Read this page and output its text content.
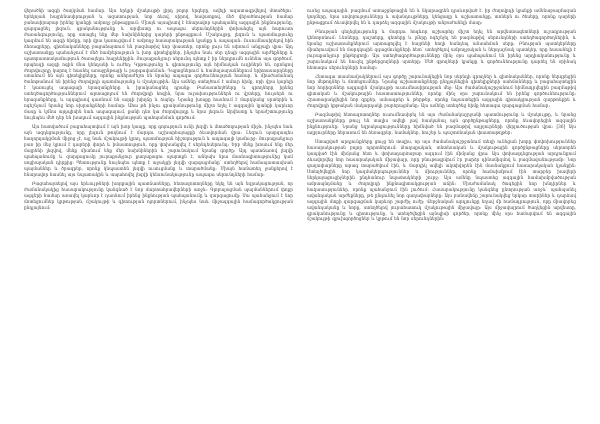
վերածնի ազգի ծաղկման համար. Այս երկրի մշակույթի լիրդ բոլոր երգերը, ավելի ազատագրվելով մտածելու՝ երեկոյան հայրենասիրության և ազատության, նոր ձևով, սիրով, հավատքով, մեծ վերածնության համար ջանասիրաբար իրենց կյանքի ամբողջ ընթացքում: Միայն այսպիսով է հնարավոր պահպանել ազգային ինքնությունը, զարգացնել լեզուն, գրականությունը և արվեստը ու ապագա սերունդներին փոխանցել այն հարուստ ժառանգությունը, որը ստացել ենք մեր նախնիներից դարերի ընթացքում: Մշակույթը, լեզուն և պատմությունը կազմում են ազգի հիմքը, որի վրա կառուցվում է ամբողջ հասարակության կյանքը և ապագան: Ուսումնասիրելով հին ձեռագրերը, գիտնականները բացահայտում են բազմաթիվ նոր փաստեր, որոնք լույս են սփռում անցյալի վրա: Այդ աշխատանքը պահանջում է մեծ համբերություն և խոր գիտելիքներ, ինչպես նաև սեր դեպի ազգային արժեքները և պատրաստակամություն ծառայելու հայրենիքին: Յուրաքանչյուր սերունդ պետք է իր ներդրումն ունենա այս գործում, որպեսզի ազգի ոգին մնա կենդանի և ուժեղ: Կրթությունը և գիտությունը այն հիմնական ուղիներն են, որոնցով ժողովուրդը կարող է հասնել առաջընթացի և բարգավաճման: Դպրոցներում և համալսարաններում երիտասարդները ստանում են այն գիտելիքները, որոնք անհրաժեշտ են նրանց ապագա գործունեության համար, և միաժամանակ ծանոթանում են իրենց ժողովրդի պատմությանը և մշակույթին: Այս ամենը ստեղծում է ամուր հիմք, որի վրա կարելի է կառուցել ապագայի երազանքները և իրականացնել դրանք: Բանաստեղծները և գրողները իրենց ստեղծագործություններում արտացոլում են ժողովրդի հոգին, նրա ուրախություններն ու վշտերը, հույսերն ու երազանքները, և այդպիսով դառնում են ազգի խիղճը և ձայնը: Նրանց խոսքը հասնում է մարդկանց սրտերին և ոգեշնչում նրանց նոր սխրանքների համար: Ահա թե ինչու գրականությունը միշտ եղել է ազգային կյանքի կարևոր մասը և կմնա այդպիսին նաև ապագայում, քանի դեռ կա ժողովուրդը և նրա լեզուն: Արվեստը և երաժշտությունը նույնպես մեծ դեր են խաղում ազգային ինքնության պահպանման գործում:

Այս հատվածում բացահայտվում է այն խոր կապը, որը գոյություն ունի լեզվի և մտածողության միջև, ինչպես նաև այն ազդեցությունը, որը լեզուն թողնում է մարդու աշխարհայացքի ձևավորման վրա: Լեզուն պարզապես հաղորդակցման միջոց չէ, այլ նաև մշակույթի կրող, պատմության հիշողություն և ապագայի կամուրջ: Յուրաքանչյուր բառ իր մեջ կրում է դարերի փորձ և իմաստություն, որը փոխանցվել է սերնդեսերունդ: Երբ մենք խոսում ենք մեր մայրենի լեզվով, մենք միանում ենք մեր նախնիներին և շարունակում նրանց գործը: Այդ պատճառով լեզվի պահպանումը և զարգացումը յուրաքանչյուր քաղաքացու պարտքն է, անկախ նրա մասնագիտությունից կամ սոցիալական դիրքից: Պետությունը նույնպես պետք է աջակցի լեզվի զարգացմանը՝ ստեղծելով համապատասխան պայմաններ և ծրագրեր, որոնք կնպաստեն լեզվի ուսուցմանը և տարածմանը: Միայն համատեղ ջանքերով է հնարավոր հասնել այս նպատակին և ապահովել լեզվի կենսունակությունը ապագա սերունդների համար:

Բացահայտելով այս երևույթների խորքային պատճառները, հետազոտողները եկել են այն եզրակացության, որ ժամանակակից հասարակությունը կանգնած է նոր մարտահրավերների առջև: Գլոբալացման պայմաններում փոքր ազգերի համար առավել կարևոր է դառնում իրենց ինքնության պահպանումը և զարգացումը: Սա պահանջում է նոր մոտեցումներ կրթության, մշակույթի և գիտության ոլորտներում, ինչպես նաև միջազգային համագործակցության ընդլայնում:

ուսեց ապագային. բազմում ատաջընթացին են և նկարագրեն դրսևորված է. իր ժողովրդի կյանքի ամենաբազմազան կողմերը, նրա սովորությունները և ավանդույթները, կենցաղը և աշխատանքը, տոներն ու ծեսերը, որոնք դարերի ընթացքում ձևավորվել են և դարձել ազգային մշակույթի անբաժանելի մասը:

Բնության գեղեցկությունը և մարդու հոգևոր աշխարհը միշտ եղել են արվեստագետների ուշադրության կենտրոնում: Լեռները, դաշտերը, գետերը և լճերը ոգեշնչել են բազմաթիվ սերունդների ստեղծագործողներին, և նրանց աշխատանքներում արտացոլվել է հայրենի հողի հանդեպ անսահման սերը: Բնության պատկերները միահյուսվում են մարդկային զգացմունքների հետ՝ ստեղծելով ամբողջական և ներդաշնակ պատկեր, որը հասանելի է յուրաքանչյուր ընթերցողի: Այս ստեղծագործությունները մինչ օրս պահպանում են իրենց արդիականությունը և շարունակում են հուզել ընթերցողների սրտերը: Մեծ գրողների կյանքը և գործունեությունը դարձել են օրինակ հետագա սերունդների համար:

Հետագա տասնամյակներում այս գործը շարունակեցին նոր սերնդի գրողներ և գիտնականներ, որոնք ներդրեցին նոր մեթոդներ և մոտեցումներ: Նրանց աշխատանքները ընդլայնեցին գիտելիքների սահմանները և բացահայտեցին նոր հորիզոններ ազգային մշակույթի ուսումնասիրության մեջ: Այս ժամանակաշրջանում հիմնադրվեցին բազմաթիվ գիտական և մշակութային հաստատություններ, որոնք մինչ օրս շարունակում են իրենց գործունեությունը: Հրատարակվեցին նոր գրքեր, ամսագրեր և թերթեր, որոնք նպաստեցին ազգային գիտակցության զարթոնքին և ժողովրդի կրթական մակարդակի բարձրացմանը: Այս ամենը ստեղծեց հիմք հետագա զարգացման համար:

Բազմաթիվ հետազոտողներ ուսումնասիրել են այս ժամանակաշրջանի պատմությունը և մշակույթը, և նրանց աշխատանքները թույլ են տալիս ավելի լավ հասկանալ այն գործընթացները, որոնք ձևավորեցին ազգային ինքնությունը: Նրանց եզրակացությունները հիմնված են բազմաթիվ աղբյուրների վերլուծության վրա: [36] Այս աղբյուրները ներառում են ձեռագրեր, նամակներ, հուշեր և պաշտոնական փաստաթղթեր:

Ստացված արդյունքները ցույց են տալիս, որ այս ժամանակաշրջանում տեղի ունեցան խորը փոփոխություններ հասարակության բոլոր ոլորտներում: Քաղաքական, տնտեսական և մշակութային գործընթացները սերտորեն կապված էին միմյանց հետ և փոխադարձաբար ազդում էին միմյանց վրա: Այս փոխազդեցության արդյունքում ձևավորվեց նոր հասարակական միջավայր, որը բնութագրվում էր բարձր դինամիզմով և բազմազանությամբ: Նոր գաղափարները արագ տարածվում էին, և մարդիկ ավելի ակտիվորեն էին մասնակցում հասարակական կյանքին: Ստեղծվեցին նոր կազմակերպություններ և միություններ, որոնք համախմբում էին տարբեր խավերի ներկայացուցիչներին ընդհանուր նպատակների շուրջ: Այս ամենը նպաստեց ազգային համախմբվածության ամրապնդմանը և ժողովրդի ինքնագիտակցության աճին: Միաժամանակ ծագեցին նոր խնդիրներ և հակասություններ, որոնք պահանջում էին լուծում: Հասարակությունը կանգնեց ընտրության առջև՝ պահպանել ավանդական արժեքները, թե ընդունել նոր գաղափարները: Այս բանավեճը շարունակվեց երկար տարիներ և դարձավ ազգային մտքի զարգացման կարևոր շարժիչ ուժը: Վերջնական արդյունքը եղավ մի համադրություն, որը միավորեց ավանդականը և նորը, ստեղծելով յուրահատուկ մշակութային միջավայր: Այս միջավայրում ծաղկեցին արվեստը, գրականությունը և գիտությունը, և ստեղծվեցին այնպիսի գործեր, որոնք մինչ օրս համարվում են ազգային մշակույթի գլուխգործոցներ և կրթում են նոր սերունդներին:
